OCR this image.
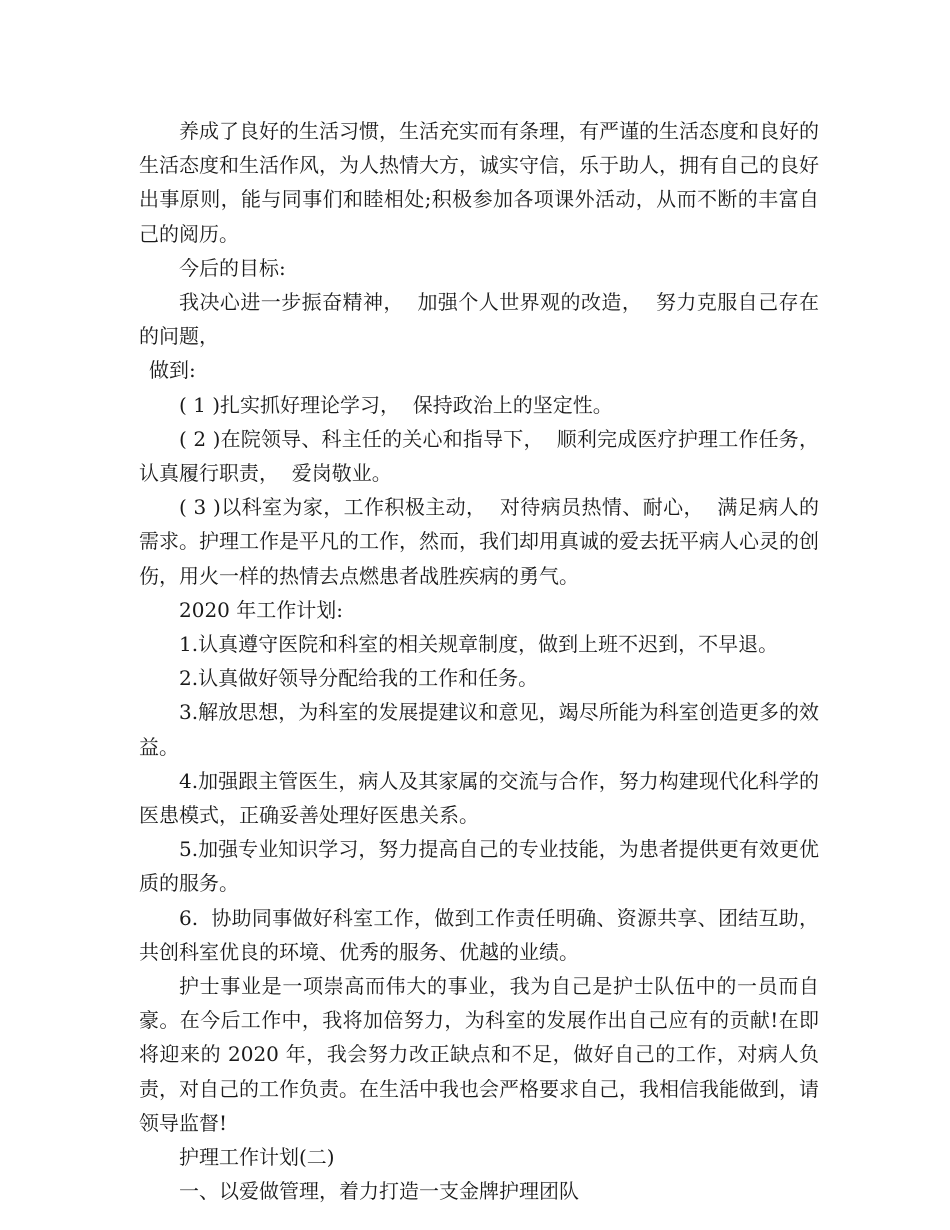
养成了良好的生活习惯，生活充实而有条理，有严谨的生活态度和良好的生活态度和生活作风，为人热情大方，诚实守信，乐于助人，拥有自己的良好出事原则，能与同事们和睦相处;积极参加各项课外活动，从而不断的丰富自己的阅历。

今后的目标:

我决心进一步振奋精神，  加强个人世界观的改造，  努力克服自己存在的问题，

做到:

( 1 )扎实抓好理论学习，  保持政治上的坚定性。

( 2 )在院领导、科主任的关心和指导下，  顺利完成医疗护理工作任务，  认真履行职责，  爱岗敬业。

( 3 )以科室为家，工作积极主动，  对待病员热情、耐心，  满足病人的需求。护理工作是平凡的工作，然而，我们却用真诚的爱去抚平病人心灵的创伤，用火一样的热情去点燃患者战胜疾病的勇气。

2020 年工作计划:

1.认真遵守医院和科室的相关规章制度，做到上班不迟到，不早退。

2.认真做好领导分配给我的工作和任务。

3.解放思想，为科室的发展提建议和意见，竭尽所能为科室创造更多的效益。

4.加强跟主管医生，病人及其家属的交流与合作，努力构建现代化科学的医患模式，正确妥善处理好医患关系。

5.加强专业知识学习，努力提高自己的专业技能，为患者提供更有效更优质的服务。

6.  协助同事做好科室工作，做到工作责任明确、资源共享、团结互助，共创科室优良的环境、优秀的服务、优越的业绩。

护士事业是一项崇高而伟大的事业，我为自己是护士队伍中的一员而自豪。在今后工作中，我将加倍努力，为科室的发展作出自己应有的贡献!在即将迎来的 2020 年，我会努力改正缺点和不足，做好自己的工作，对病人负责，对自己的工作负责。在生活中我也会严格要求自己，我相信我能做到，请领导监督!

护理工作计划(二)

一、以爱做管理，着力打造一支金牌护理团队
